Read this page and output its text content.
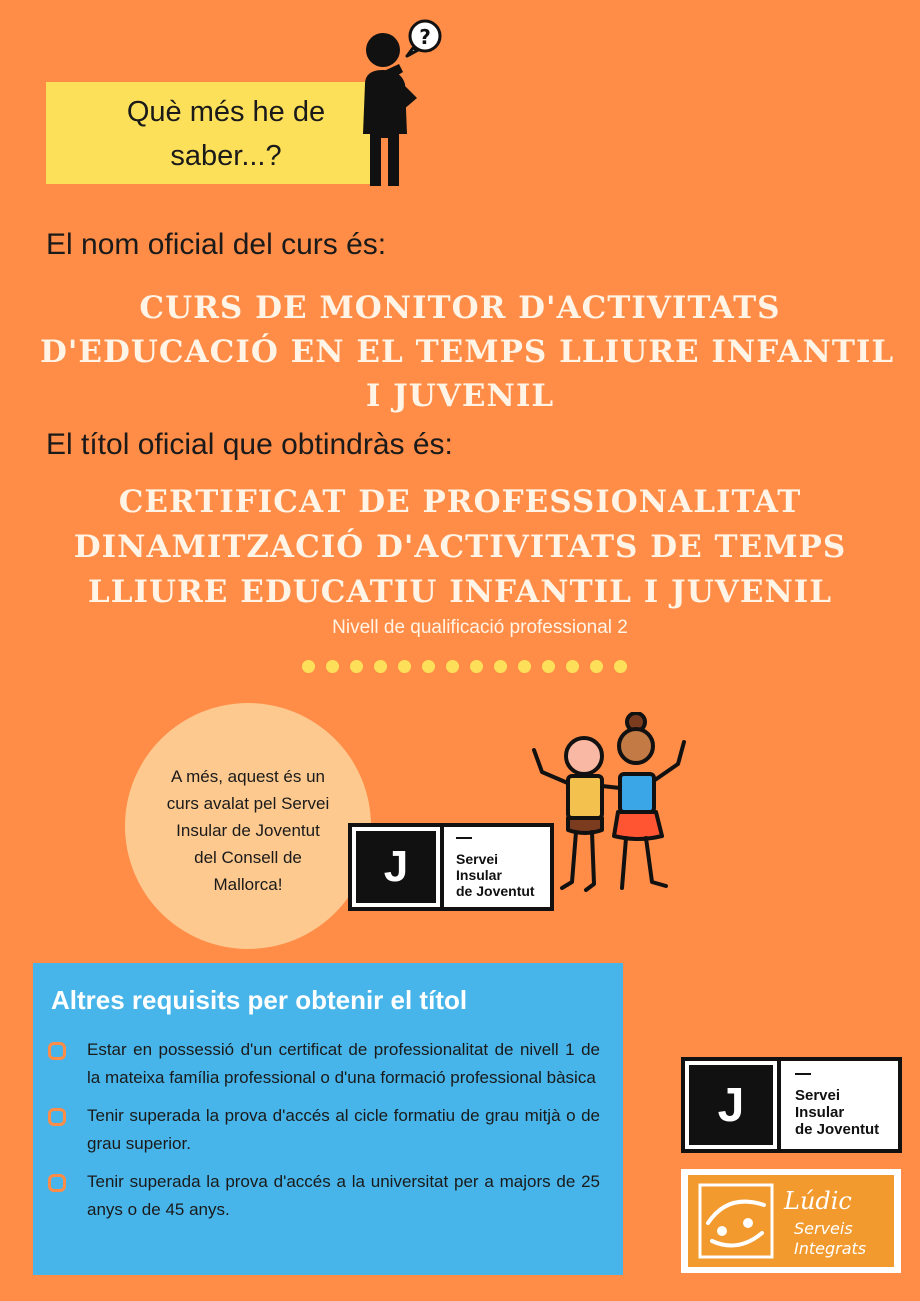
Què més he de saber...?
?
El nom oficial del curs és:
CURS DE MONITOR D'ACTIVITATS
D'EDUCACIÓ EN EL TEMPS LLIURE INFANTIL
I JUVENIL
El títol oficial que obtindràs és:
CERTIFICAT DE PROFESSIONALITAT
DINAMITZACIÓ D'ACTIVITATS DE TEMPS
LLIURE EDUCATIU INFANTIL I JUVENIL
Nivell de qualificació professional 2
A més, aquest és un
curs avalat pel Servei
Insular de Joventut
del Consell de
Mallorca!	J	Servei
Insular
de Joventut
Altres requisits per obtenir el títol
Estar en possessió d'un certificat de professionalitat de nivell 1 de la mateixa família professional o d'una formació professional bàsica
Tenir superada la prova d'accés al cicle formatiu de grau mitjà o de grau superior.
Tenir superada la prova d'accés a la universitat per a majors de 25 anys o de 45 anys.
J	Servei
Insular
de Joventut
Lúdic
Serveis
Integrats
